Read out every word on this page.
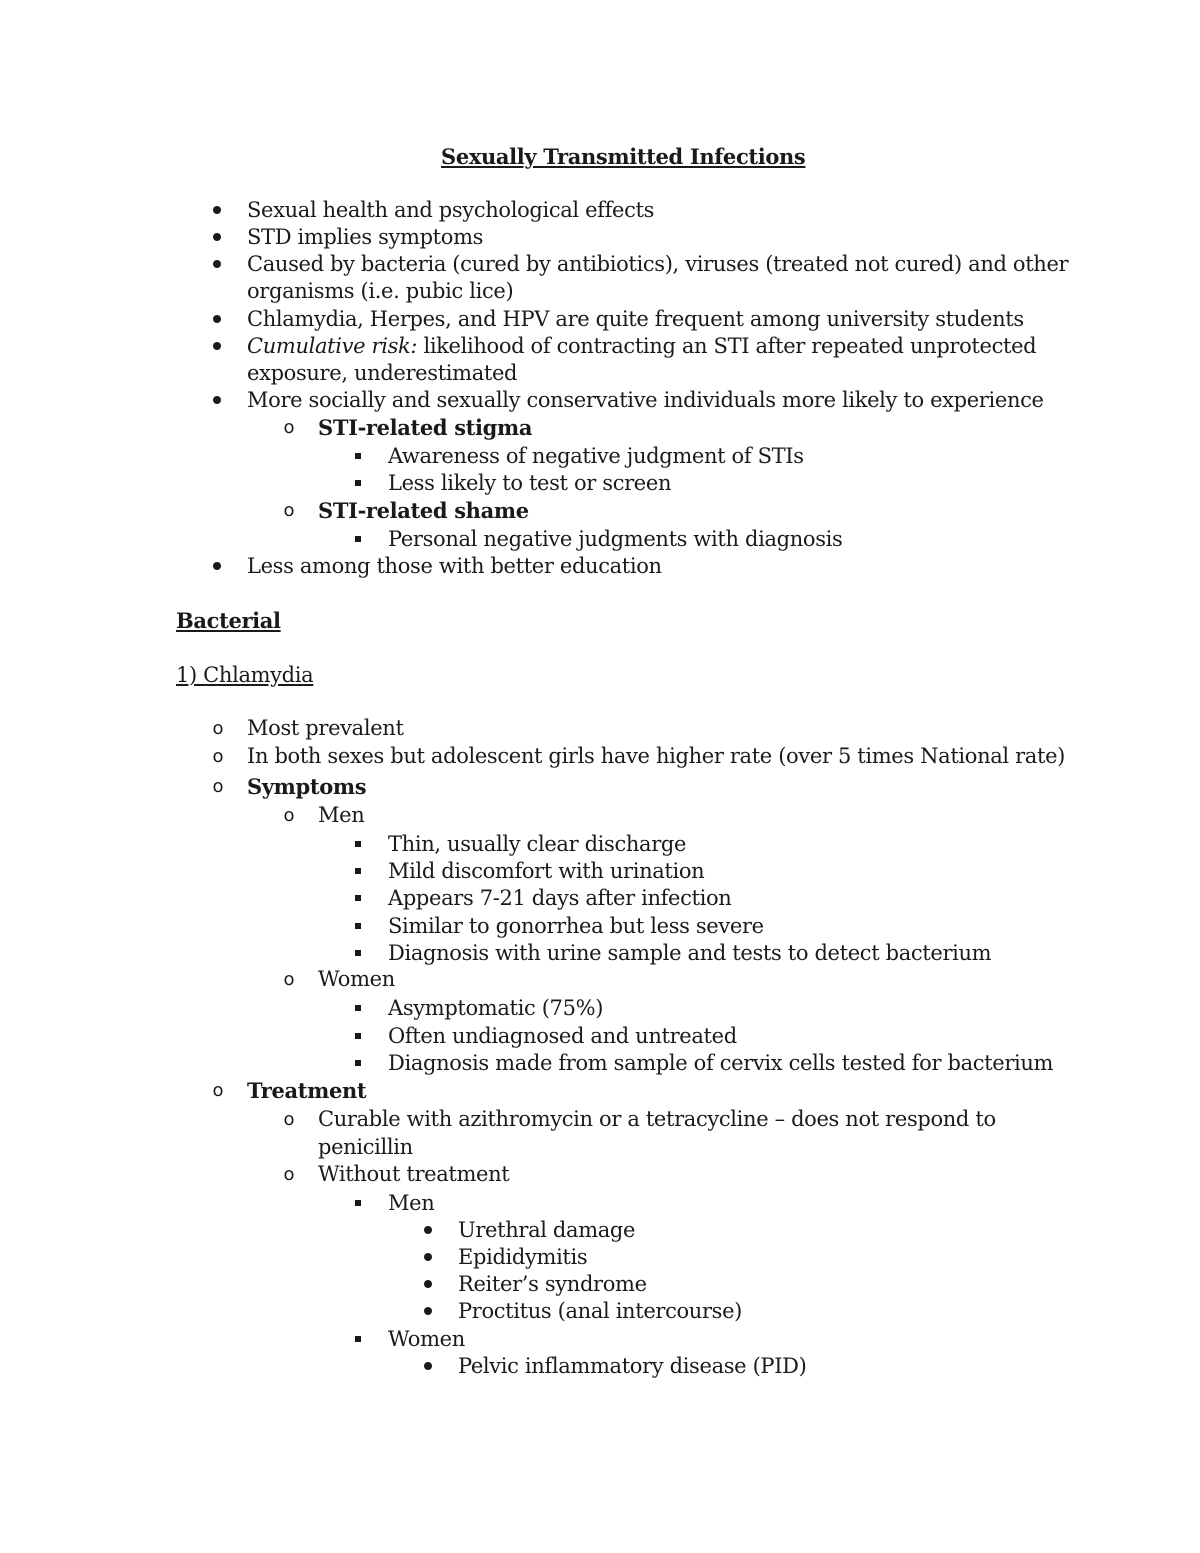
Sexually Transmitted Infections
Sexual health and psychological effects
STD implies symptoms
Caused by bacteria (cured by antibiotics), viruses (treated not cured) and other
organisms (i.e. pubic lice)
Chlamydia, Herpes, and HPV are quite frequent among university students
Cumulative risk: likelihood of contracting an STI after repeated unprotected
exposure, underestimated
More socially and sexually conservative individuals more likely to experience
o STI-related stigma
Awareness of negative judgment of STIs
Less likely to test or screen
o STI-related shame
Personal negative judgments with diagnosis
Less among those with better education
Bacterial
1) Chlamydia
o Most prevalent
o In both sexes but adolescent girls have higher rate (over 5 times National rate)
o Symptoms
o Men
Thin, usually clear discharge
Mild discomfort with urination
Appears 7-21 days after infection
Similar to gonorrhea but less severe
Diagnosis with urine sample and tests to detect bacterium
o Women
Asymptomatic (75%)
Often undiagnosed and untreated
Diagnosis made from sample of cervix cells tested for bacterium
o Treatment
o Curable with azithromycin or a tetracycline – does not respond to
penicillin
o Without treatment
Men
Urethral damage
Epididymitis
Reiter’s syndrome
Proctitus (anal intercourse)
Women
Pelvic inflammatory disease (PID)
